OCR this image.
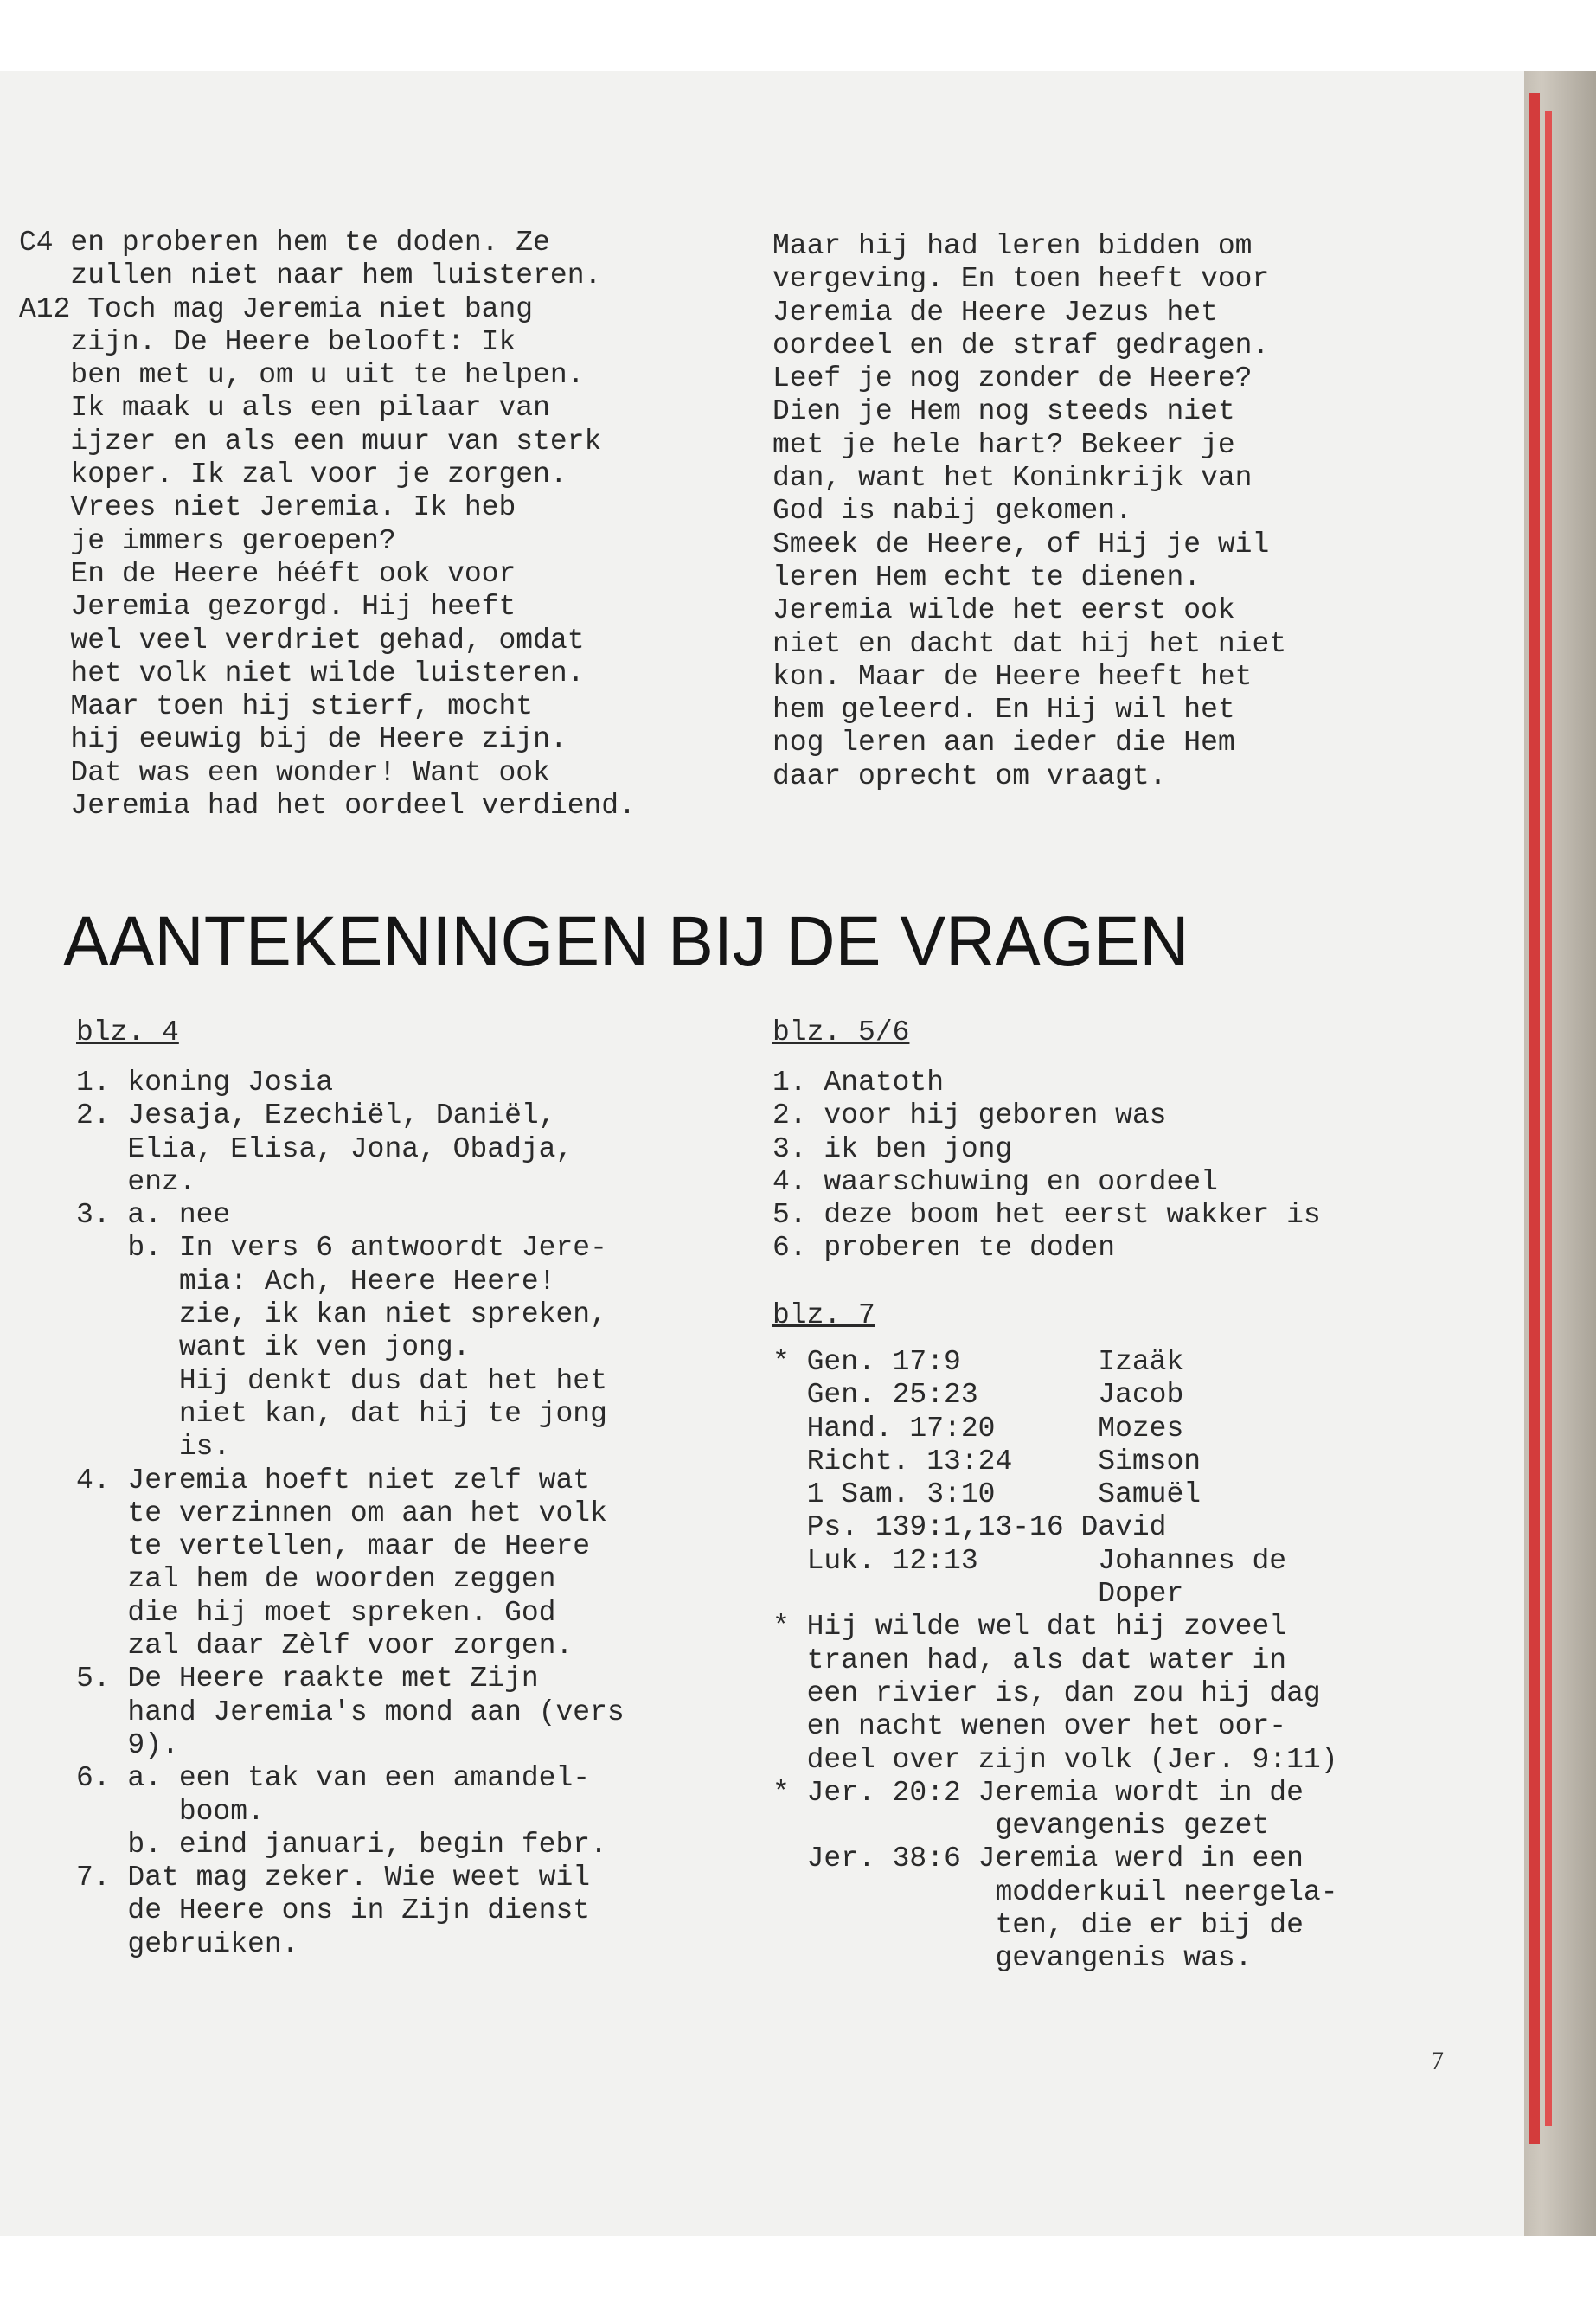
C4 en proberen hem te doden. Ze
zullen niet naar hem luisteren.
A12 Toch mag Jeremia niet bang
zijn. De Heere belooft: Ik
ben met u, om u uit te helpen.
Ik maak u als een pilaar van
ijzer en als een muur van sterk
koper. Ik zal voor je zorgen.
Vrees niet Jeremia. Ik heb
je immers geroepen?
En de Heere hééft ook voor
Jeremia gezorgd. Hij heeft
wel veel verdriet gehad, omdat
het volk niet wilde luisteren.
Maar toen hij stierf, mocht
hij eeuwig bij de Heere zijn.
Dat was een wonder! Want ook
Jeremia had het oordeel verdiend.

Maar hij had leren bidden om
vergeving. En toen heeft voor
Jeremia de Heere Jezus het
oordeel en de straf gedragen.
Leef je nog zonder de Heere?
Dien je Hem nog steeds niet
met je hele hart? Bekeer je
dan, want het Koninkrijk van
God is nabij gekomen.
Smeek de Heere, of Hij je wil
leren Hem echt te dienen.
Jeremia wilde het eerst ook
niet en dacht dat hij het niet
kon. Maar de Heere heeft het
hem geleerd. En Hij wil het
nog leren aan ieder die Hem
daar oprecht om vraagt.

AANTEKENINGEN BIJ DE VRAGEN
blz. 4
1. koning Josia
2. Jesaja, Ezechiël, Daniël,
Elia, Elisa, Jona, Obadja,
enz.
3. a. nee
b. In vers 6 antwoordt Jere-
mia: Ach, Heere Heere!
zie, ik kan niet spreken,
want ik ven jong.
Hij denkt dus dat het het
niet kan, dat hij te jong
is.
4. Jeremia hoeft niet zelf wat
te verzinnen om aan het volk
te vertellen, maar de Heere
zal hem de woorden zeggen
die hij moet spreken. God
zal daar Zèlf voor zorgen.
5. De Heere raakte met Zijn
hand Jeremia's mond aan (vers
9).
6. a. een tak van een amandel-
boom.
b. eind januari, begin febr.
7. Dat mag zeker. Wie weet wil
de Heere ons in Zijn dienst
gebruiken.

blz. 5/6
1. Anatoth
2. voor hij geboren was
3. ik ben jong
4. waarschuwing en oordeel
5. deze boom het eerst wakker is
6. proberen te doden

blz. 7
* Gen. 17:9        Izaäk
Gen. 25:23       Jacob
Hand. 17:20      Mozes
Richt. 13:24     Simson
1 Sam. 3:10      Samuël
Ps. 139:1,13-16 David
Luk. 12:13       Johannes de
Doper
* Hij wilde wel dat hij zoveel
tranen had, als dat water in
een rivier is, dan zou hij dag
en nacht wenen over het oor-
deel over zijn volk (Jer. 9:11)
* Jer. 20:2 Jeremia wordt in de
gevangenis gezet
Jer. 38:6 Jeremia werd in een
modderkuil neergela-
ten, die er bij de
gevangenis was.

7
